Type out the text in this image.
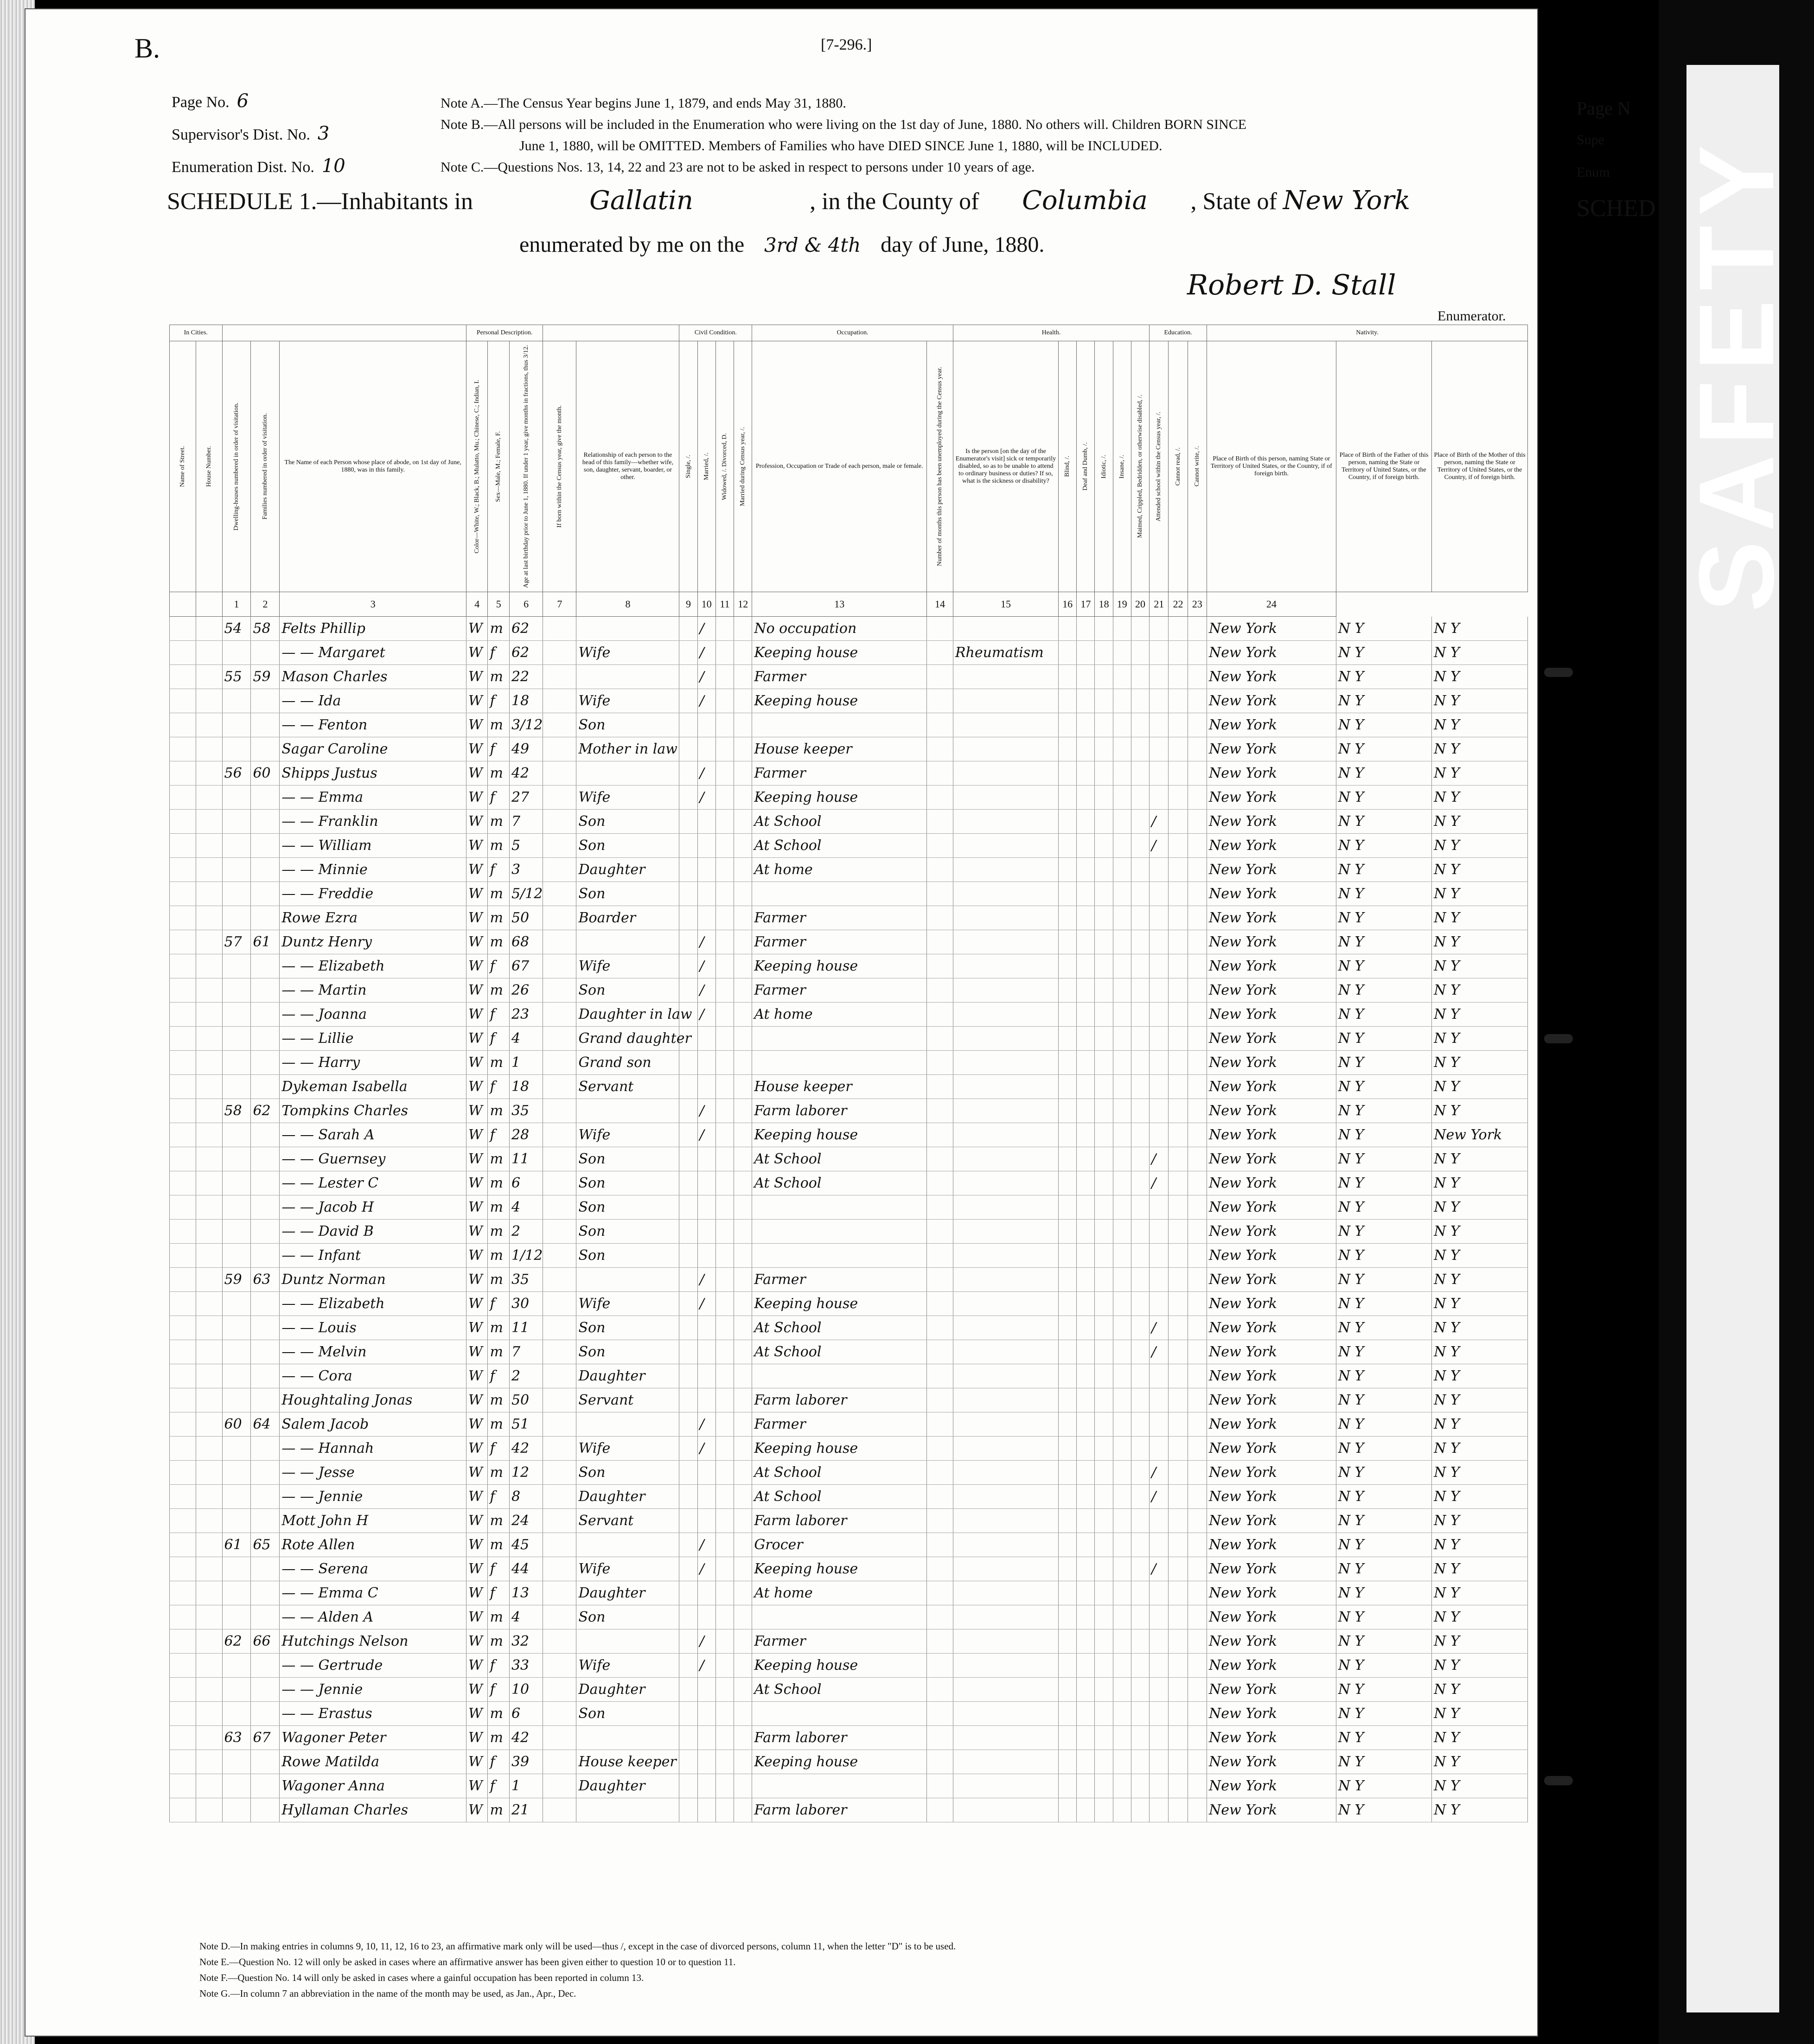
SAFETY
Page N
Supe
Enum
SCHED
B.	[7-296.]
Page No. 6
Supervisor's Dist. No. 3
Enumeration Dist. No. 10
Note A.—The Census Year begins June 1, 1879, and ends May 31, 1880.
Note B.—All persons will be included in the Enumeration who were living on the 1st day of June, 1880. No others will. Children BORN SINCE
June 1, 1880, will be OMITTED. Members of Families who have DIED SINCE June 1, 1880, will be INCLUDED.
Note C.—Questions Nos. 13, 14, 22 and 23 are not to be asked in respect to persons under 10 years of age.
SCHEDULE 1.—Inhabitants in	Gallatin	, in the County of Columbia , State of New York
enumerated by me on the 3rd & 4th day of June, 1880.
Robert D. Stall
Enumerator.
In Cities.					Personal Description.					Civil Condition.				Occupation.		Health.						Education.			Nativity.		

Name of Street.	House Number.	Dwelling-houses numbered in order of visitation.	Families numbered in order of visitation.	The Name of each Person whose place of abode, on 1st day of June, 1880, was in this family.	Color—White, W.; Black, B.; Mulatto, Mu.; Chinese, C.; Indian, I.	Sex—Male, M.; Female, F.	Age at last birthday prior to June 1, 1880. If under 1 year, give months in fractions, thus 3/12.	If born within the Census year, give the month.	Relationship of each person to the head of this family—whether wife, son, daughter, servant, boarder, or other.	Single, /.	Married, /.	Widowed, /. Divorced, D.	Married during Census year, /.	Profession, Occupation or Trade of each person, male or female.	Number of months this person has been unemployed during the Census year.	Is the person [on the day of the Enumerator's visit] sick or temporarily disabled, so as to be unable to attend to ordinary business or duties? If so, what is the sickness or disability?	Blind, /.	Deaf and Dumb, /.	Idiotic, /.	Insane, /.	Maimed, Crippled, Bedridden, or otherwise disabled, /.	Attended school within the Census year, /.	Cannot read, /.	Cannot write, /.	Place of Birth of this person, naming State or Territory of United States, or the Country, if of foreign birth.	Place of Birth of the Father of this person, naming the State or Territory of United States, or the Country, if of foreign birth.	Place of Birth of the Mother of this person, naming the State or Territory of United States, or the Country, if of foreign birth.
		1	2	3	4	5	6	7	8	9	10	11	12	13	14	15	16	17	18	19	20	21	22	23	24		
		54	58	Felts Phillip	W	m	62				/			No occupation											New York	N Y	N Y
				— — Margaret	W	f	62		Wife		/			Keeping house		Rheumatism									New York	N Y	N Y
		55	59	Mason Charles	W	m	22				/			Farmer											New York	N Y	N Y
				— — Ida	W	f	18		Wife		/			Keeping house											New York	N Y	N Y
				— — Fenton	W	m	3/12		Son																New York	N Y	N Y
				Sagar Caroline	W	f	49		Mother in law					House keeper											New York	N Y	N Y
		56	60	Shipps Justus	W	m	42				/			Farmer											New York	N Y	N Y
				— — Emma	W	f	27		Wife		/			Keeping house											New York	N Y	N Y
				— — Franklin	W	m	7		Son					At School								/			New York	N Y	N Y
				— — William	W	m	5		Son					At School								/			New York	N Y	N Y
				— — Minnie	W	f	3		Daughter					At home											New York	N Y	N Y
				— — Freddie	W	m	5/12		Son																New York	N Y	N Y
				Rowe Ezra	W	m	50		Boarder					Farmer											New York	N Y	N Y
		57	61	Duntz Henry	W	m	68				/			Farmer											New York	N Y	N Y
				— — Elizabeth	W	f	67		Wife		/			Keeping house											New York	N Y	N Y
				— — Martin	W	m	26		Son		/			Farmer											New York	N Y	N Y
				— — Joanna	W	f	23		Daughter in law		/			At home											New York	N Y	N Y
				— — Lillie	W	f	4		Grand daughter																New York	N Y	N Y
				— — Harry	W	m	1		Grand son																New York	N Y	N Y
				Dykeman Isabella	W	f	18		Servant					House keeper											New York	N Y	N Y
		58	62	Tompkins Charles	W	m	35				/			Farm laborer											New York	N Y	N Y
				— — Sarah A	W	f	28		Wife		/			Keeping house											New York	N Y	New York
				— — Guernsey	W	m	11		Son					At School								/			New York	N Y	N Y
				— — Lester C	W	m	6		Son					At School								/			New York	N Y	N Y
				— — Jacob H	W	m	4		Son																New York	N Y	N Y
				— — David B	W	m	2		Son																New York	N Y	N Y
				— — Infant	W	m	1/12		Son																New York	N Y	N Y
		59	63	Duntz Norman	W	m	35				/			Farmer											New York	N Y	N Y
				— — Elizabeth	W	f	30		Wife		/			Keeping house											New York	N Y	N Y
				— — Louis	W	m	11		Son					At School								/			New York	N Y	N Y
				— — Melvin	W	m	7		Son					At School								/			New York	N Y	N Y
				— — Cora	W	f	2		Daughter																New York	N Y	N Y
				Houghtaling Jonas	W	m	50		Servant					Farm laborer											New York	N Y	N Y
		60	64	Salem Jacob	W	m	51				/			Farmer											New York	N Y	N Y
				— — Hannah	W	f	42		Wife		/			Keeping house											New York	N Y	N Y
				— — Jesse	W	m	12		Son					At School								/			New York	N Y	N Y
				— — Jennie	W	f	8		Daughter					At School								/			New York	N Y	N Y
				Mott John H	W	m	24		Servant					Farm laborer											New York	N Y	N Y
		61	65	Rote Allen	W	m	45				/			Grocer											New York	N Y	N Y
				— — Serena	W	f	44		Wife		/			Keeping house								/			New York	N Y	N Y
				— — Emma C	W	f	13		Daughter					At home											New York	N Y	N Y
				— — Alden A	W	m	4		Son																New York	N Y	N Y
		62	66	Hutchings Nelson	W	m	32				/			Farmer											New York	N Y	N Y
				— — Gertrude	W	f	33		Wife		/			Keeping house											New York	N Y	N Y
				— — Jennie	W	f	10		Daughter					At School											New York	N Y	N Y
				— — Erastus	W	m	6		Son																New York	N Y	N Y
		63	67	Wagoner Peter	W	m	42							Farm laborer											New York	N Y	N Y
				Rowe Matilda	W	f	39		House keeper					Keeping house											New York	N Y	N Y
				Wagoner Anna	W	f	1		Daughter																New York	N Y	N Y
				Hyllaman Charles	W	m	21							Farm laborer											New York	N Y	N Y
Note D.—In making entries in columns 9, 10, 11, 12, 16 to 23, an affirmative mark only will be used—thus /, except in the case of divorced persons, column 11, when the letter "D" is to be used.
Note E.—Question No. 12 will only be asked in cases where an affirmative answer has been given either to question 10 or to question 11.
Note F.—Question No. 14 will only be asked in cases where a gainful occupation has been reported in column 13.
Note G.—In column 7 an abbreviation in the name of the month may be used, as Jan., Apr., Dec.
